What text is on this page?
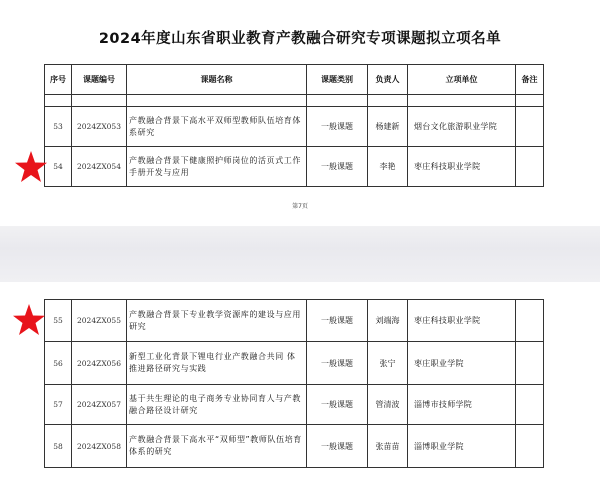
2024年度山东省职业教育产教融合研究专项课题拟立项名单
序号	课题编号	课题名称	课题类别	负责人	立项单位	备注

53	2024ZX053	产教融合背景下高水平双师型教师队伍培育体系研究	一般课题	杨建新	烟台文化旅游职业学院	
54	2024ZX054	产教融合背景下健康照护师岗位的活页式工作手册开发与应用	一般课题	李艳	枣庄科技职业学院	
第7页
55	2024ZX055	产教融合背景下专业教学资源库的建设与应用研究	一般课题	刘端海	枣庄科技职业学院	
56	2024ZX056	新型工业化背景下锂电行业产教融合共同 体推进路径研究与实践	一般课题	张宁	枣庄职业学院	
57	2024ZX057	基于共生理论的电子商务专业协同育人与产教融合路径设计研究	一般课题	管清波	淄博市技师学院	
58	2024ZX058	产教融合背景下高水平“双师型”教师队伍培育体系的研究	一般课题	张苗苗	淄博职业学院	
